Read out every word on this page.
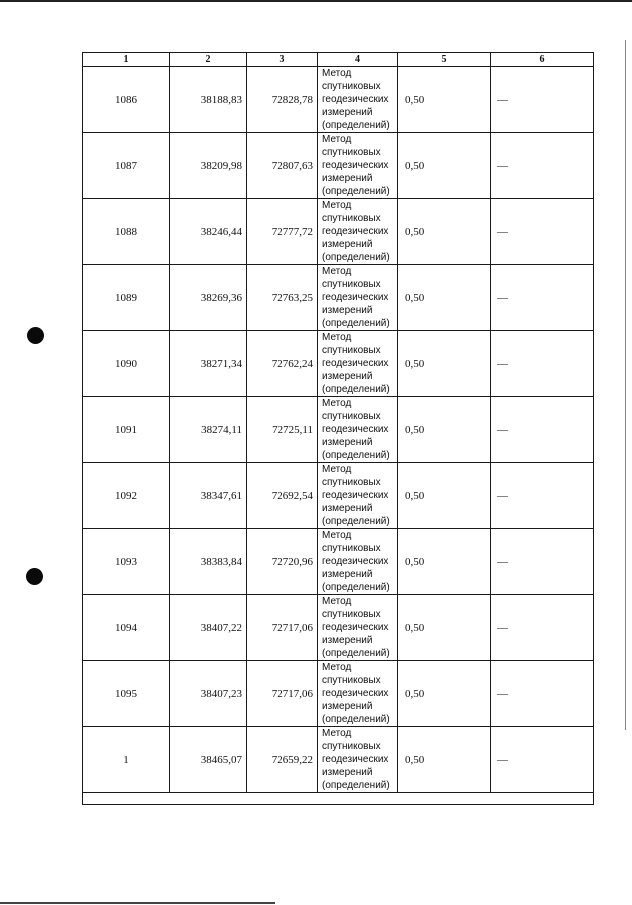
1	2	3	4	5	6
1086	38188,83	72828,78	Метод
спутниковых
геодезических
измерений
(определений)	0,50	—
1087	38209,98	72807,63	Метод
спутниковых
геодезических
измерений
(определений)	0,50	—
1088	38246,44	72777,72	Метод
спутниковых
геодезических
измерений
(определений)	0,50	—
1089	38269,36	72763,25	Метод
спутниковых
геодезических
измерений
(определений)	0,50	—
1090	38271,34	72762,24	Метод
спутниковых
геодезических
измерений
(определений)	0,50	—
1091	38274,11	72725,11	Метод
спутниковых
геодезических
измерений
(определений)	0,50	—
1092	38347,61	72692,54	Метод
спутниковых
геодезических
измерений
(определений)	0,50	—
1093	38383,84	72720,96	Метод
спутниковых
геодезических
измерений
(определений)	0,50	—
1094	38407,22	72717,06	Метод
спутниковых
геодезических
измерений
(определений)	0,50	—
1095	38407,23	72717,06	Метод
спутниковых
геодезических
измерений
(определений)	0,50	—
1	38465,07	72659,22	Метод
спутниковых
геодезических
измерений
(определений)	0,50	—
